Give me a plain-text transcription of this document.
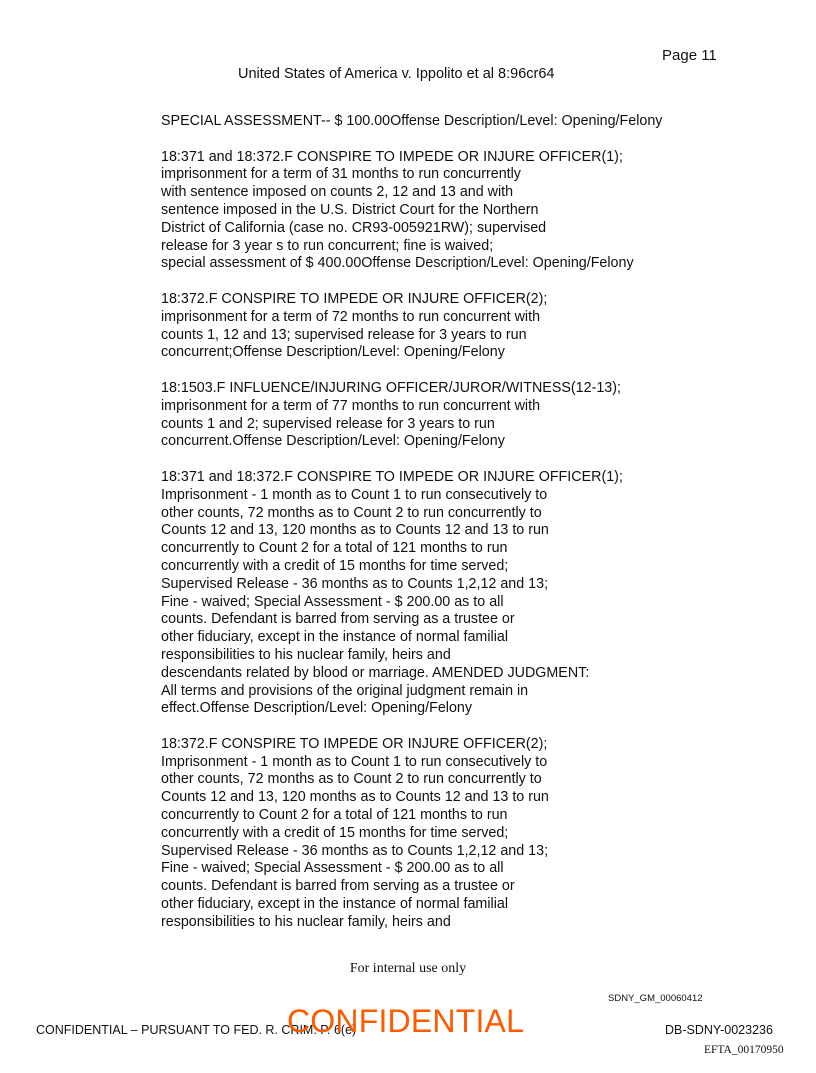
Page 11
United States of America v. Ippolito et al 8:96cr64
SPECIAL ASSESSMENT-- $ 100.00Offense Description/Level: Opening/Felony
18:371 and 18:372.F CONSPIRE TO IMPEDE OR INJURE OFFICER(1);
imprisonment for a term of 31 months to run concurrently
with sentence imposed on counts 2, 12 and 13 and with
sentence imposed in the U.S. District Court for the Northern
District of California (case no. CR93-005921RW); supervised
release for 3 year s to run concurrent; fine is waived;
special assessment of $ 400.00Offense Description/Level: Opening/Felony
18:372.F CONSPIRE TO IMPEDE OR INJURE OFFICER(2);
imprisonment for a term of 72 months to run concurrent with
counts 1, 12 and 13; supervised release for 3 years to run
concurrent;Offense Description/Level: Opening/Felony
18:1503.F INFLUENCE/INJURING OFFICER/JUROR/WITNESS(12-13);
imprisonment for a term of 77 months to run concurrent with
counts 1 and 2; supervised release for 3 years to run
concurrent.Offense Description/Level: Opening/Felony
18:371 and 18:372.F CONSPIRE TO IMPEDE OR INJURE OFFICER(1);
Imprisonment - 1 month as to Count 1 to run consecutively to
other counts, 72 months as to Count 2 to run concurrently to
Counts 12 and 13, 120 months as to Counts 12 and 13 to run
concurrently to Count 2 for a total of 121 months to run
concurrently with a credit of 15 months for time served;
Supervised Release - 36 months as to Counts 1,2,12 and 13;
Fine - waived; Special Assessment - $ 200.00 as to all
counts. Defendant is barred from serving as a trustee or
other fiduciary, except in the instance of normal familial
responsibilities to his nuclear family, heirs and
descendants related by blood or marriage. AMENDED JUDGMENT:
All terms and provisions of the original judgment remain in
effect.Offense Description/Level: Opening/Felony
18:372.F CONSPIRE TO IMPEDE OR INJURE OFFICER(2);
Imprisonment - 1 month as to Count 1 to run consecutively to
other counts, 72 months as to Count 2 to run concurrently to
Counts 12 and 13, 120 months as to Counts 12 and 13 to run
concurrently to Count 2 for a total of 121 months to run
concurrently with a credit of 15 months for time served;
Supervised Release - 36 months as to Counts 1,2,12 and 13;
Fine - waived; Special Assessment - $ 200.00 as to all
counts. Defendant is barred from serving as a trustee or
other fiduciary, except in the instance of normal familial
responsibilities to his nuclear family, heirs and
For internal use only
SDNY_GM_00060412
CONFIDENTIAL – PURSUANT TO FED. R. CRIM. P. 6(e)
CONFIDENTIAL	DB-SDNY-0023236
EFTA_00170950
